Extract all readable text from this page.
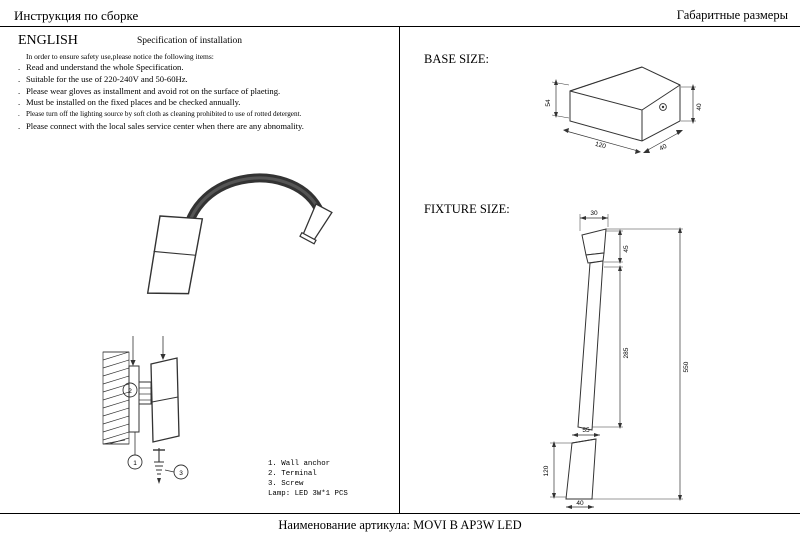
Инструкция по сборке	Габаритные размеры
ENGLISH	Specification of installation
In order to ensure safety use,please notice the following items:
. Read and understand the whole Specification.
. Suitable for the use of 220-240V and 50-60Hz.
. Please wear gloves as installment and avoid rot on the surface of plaeting.
. Must be installed on the fixed places and be checked annually.
. Please turn off the lighting source by soft cloth as cleaning prohibited to use of rotted detergent.
. Please connect with the local sales service center when there are any abnomality.
1
2
3
1. Wall anchor
2. Terminal
3. Screw
Lamp: LED 3W*1 PCS
BASE SIZE:
54
40
120	40
FIXTURE SIZE:	30
45
285
55
120
40
550
Наименование артикула: MOVI B AP3W LED
